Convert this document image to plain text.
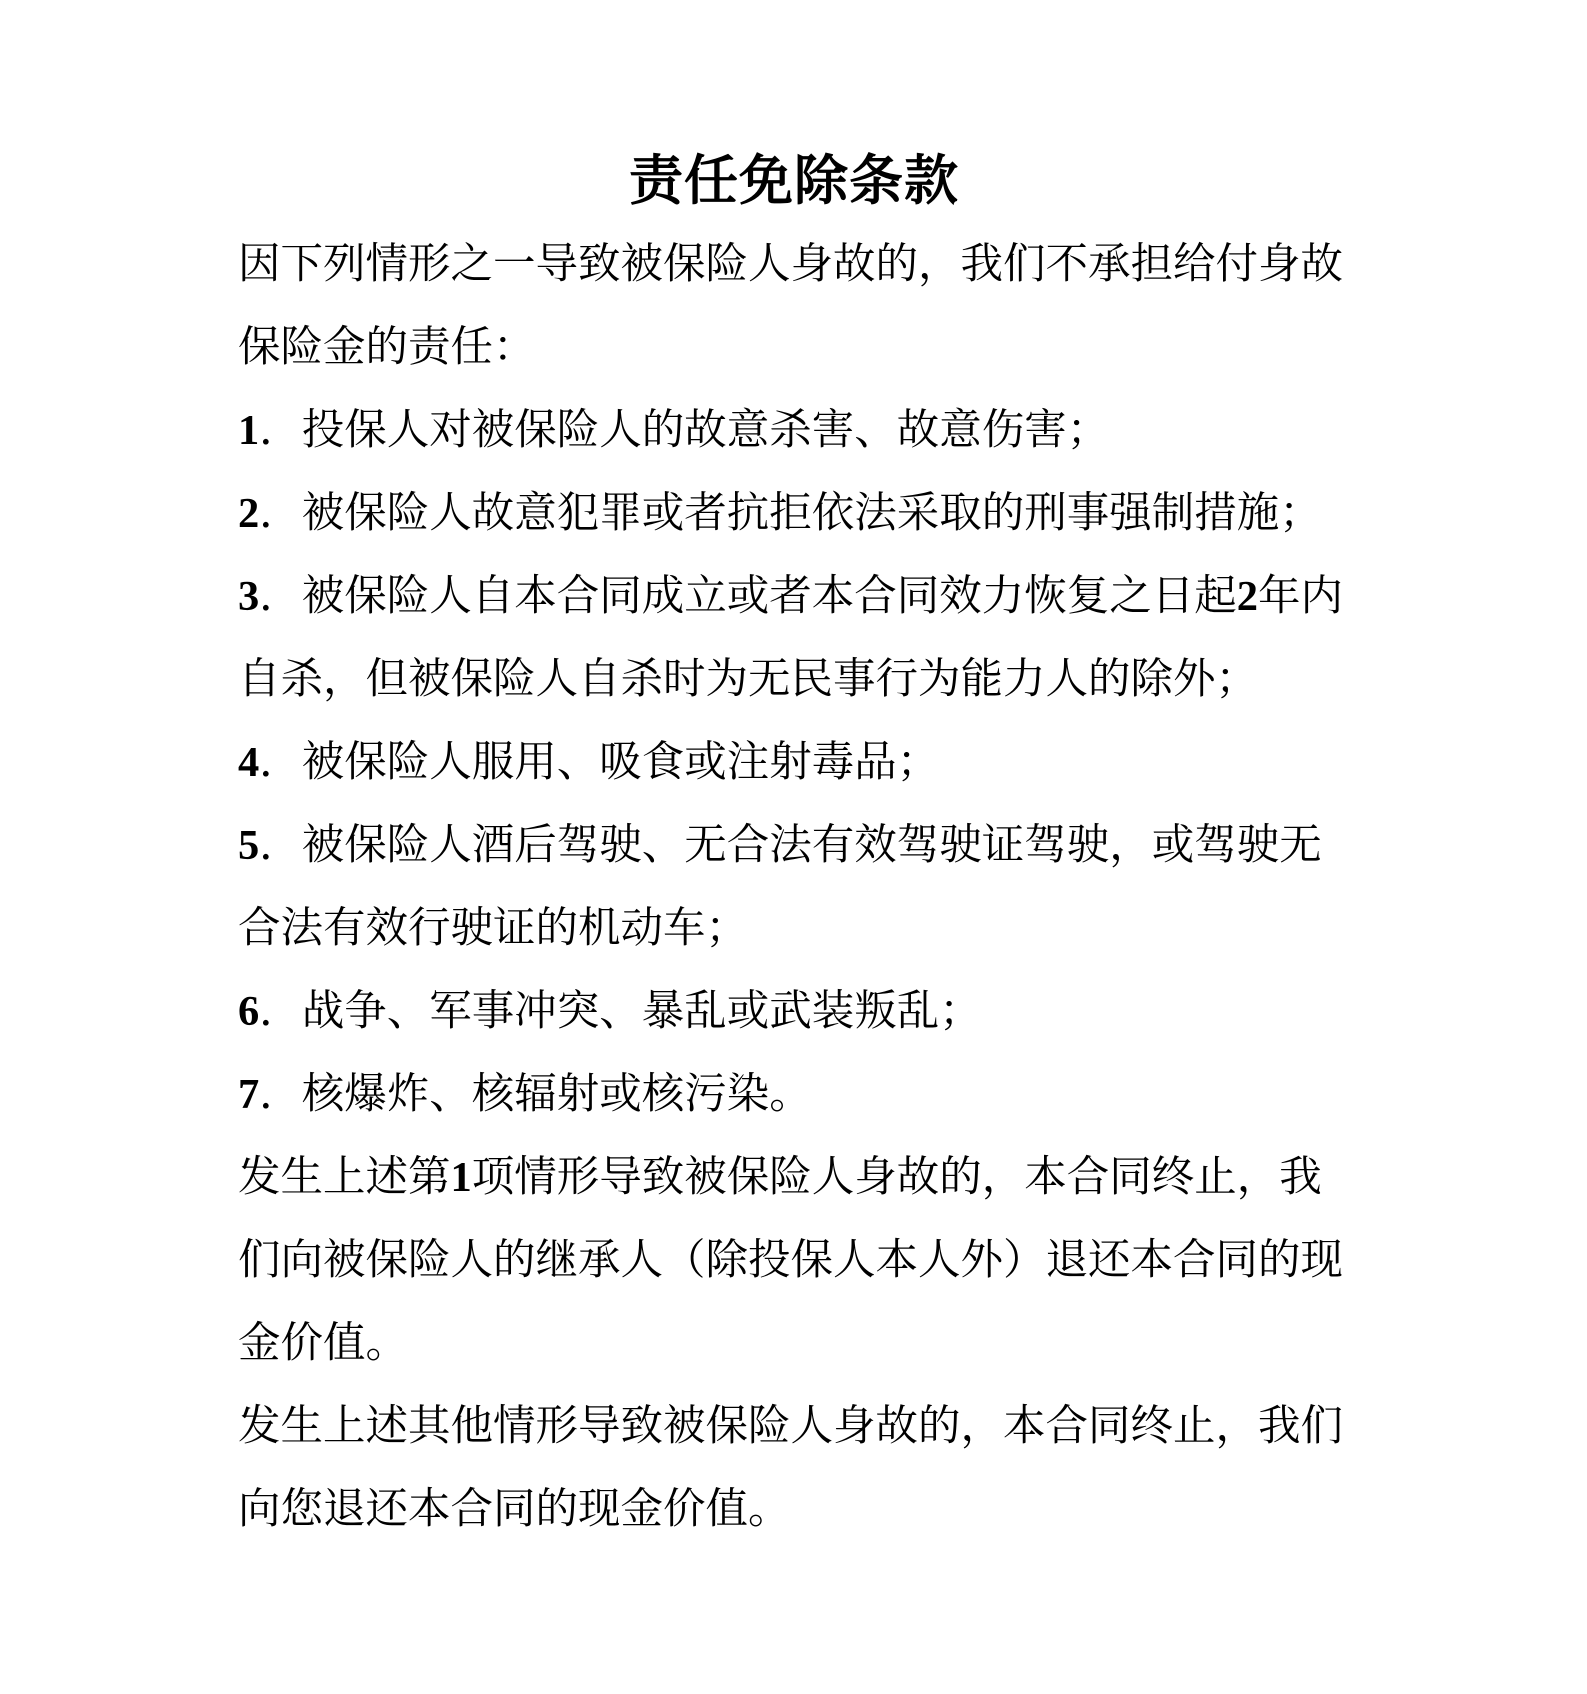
责任免除条款

因下列情形之一导致被保险人身故的，我们不承担给付身故保险金的责任：

1．投保人对被保险人的故意杀害、故意伤害；

2．被保险人故意犯罪或者抗拒依法采取的刑事强制措施；

3．被保险人自本合同成立或者本合同效力恢复之日起2年内自杀，但被保险人自杀时为无民事行为能力人的除外；

4．被保险人服用、吸食或注射毒品；

5．被保险人酒后驾驶、无合法有效驾驶证驾驶，或驾驶无合法有效行驶证的机动车；

6．战争、军事冲突、暴乱或武装叛乱；

7．核爆炸、核辐射或核污染。

发生上述第1项情形导致被保险人身故的，本合同终止，我们向被保险人的继承人（除投保人本人外）退还本合同的现金价值。

发生上述其他情形导致被保险人身故的，本合同终止，我们向您退还本合同的现金价值。
